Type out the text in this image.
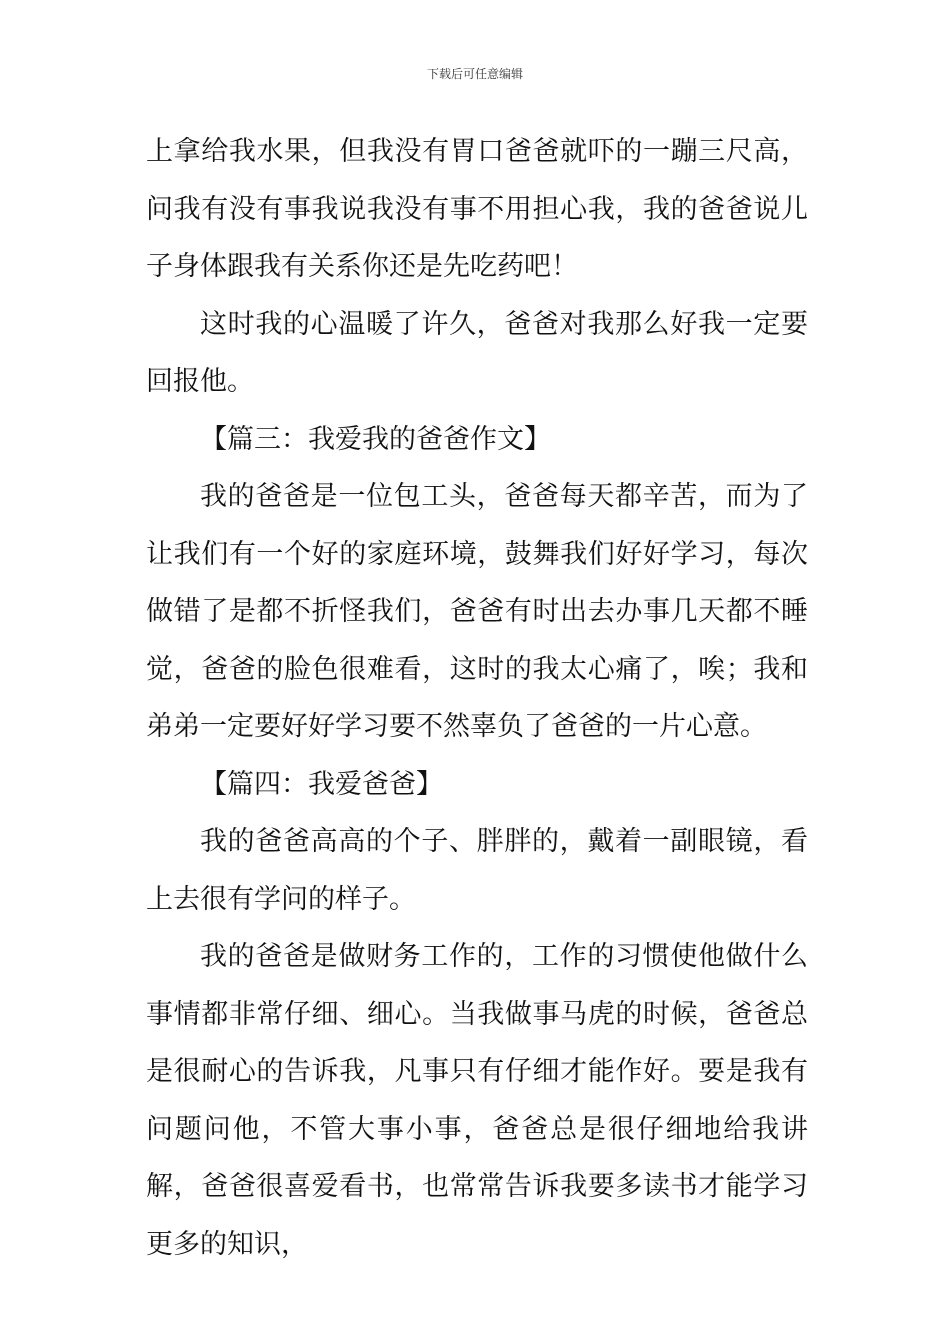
下载后可任意编辑

上拿给我水果，但我没有胃口爸爸就吓的一蹦三尺高，问我有没有事我说我没有事不用担心我，我的爸爸说儿子身体跟我有关系你还是先吃药吧！

这时我的心温暖了许久，爸爸对我那么好我一定要回报他。

【篇三：我爱我的爸爸作文】

我的爸爸是一位包工头，爸爸每天都辛苦，而为了让我们有一个好的家庭环境，鼓舞我们好好学习，每次做错了是都不折怪我们，爸爸有时出去办事几天都不睡觉，爸爸的脸色很难看，这时的我太心痛了，唉；我和弟弟一定要好好学习要不然辜负了爸爸的一片心意。

【篇四：我爱爸爸】

我的爸爸高高的个子、胖胖的，戴着一副眼镜，看上去很有学问的样子。

我的爸爸是做财务工作的，工作的习惯使他做什么事情都非常仔细、细心。当我做事马虎的时候，爸爸总是很耐心的告诉我，凡事只有仔细才能作好。要是我有问题问他，不管大事小事，爸爸总是很仔细地给我讲解，爸爸很喜爱看书，也常常告诉我要多读书才能学习更多的知识，
